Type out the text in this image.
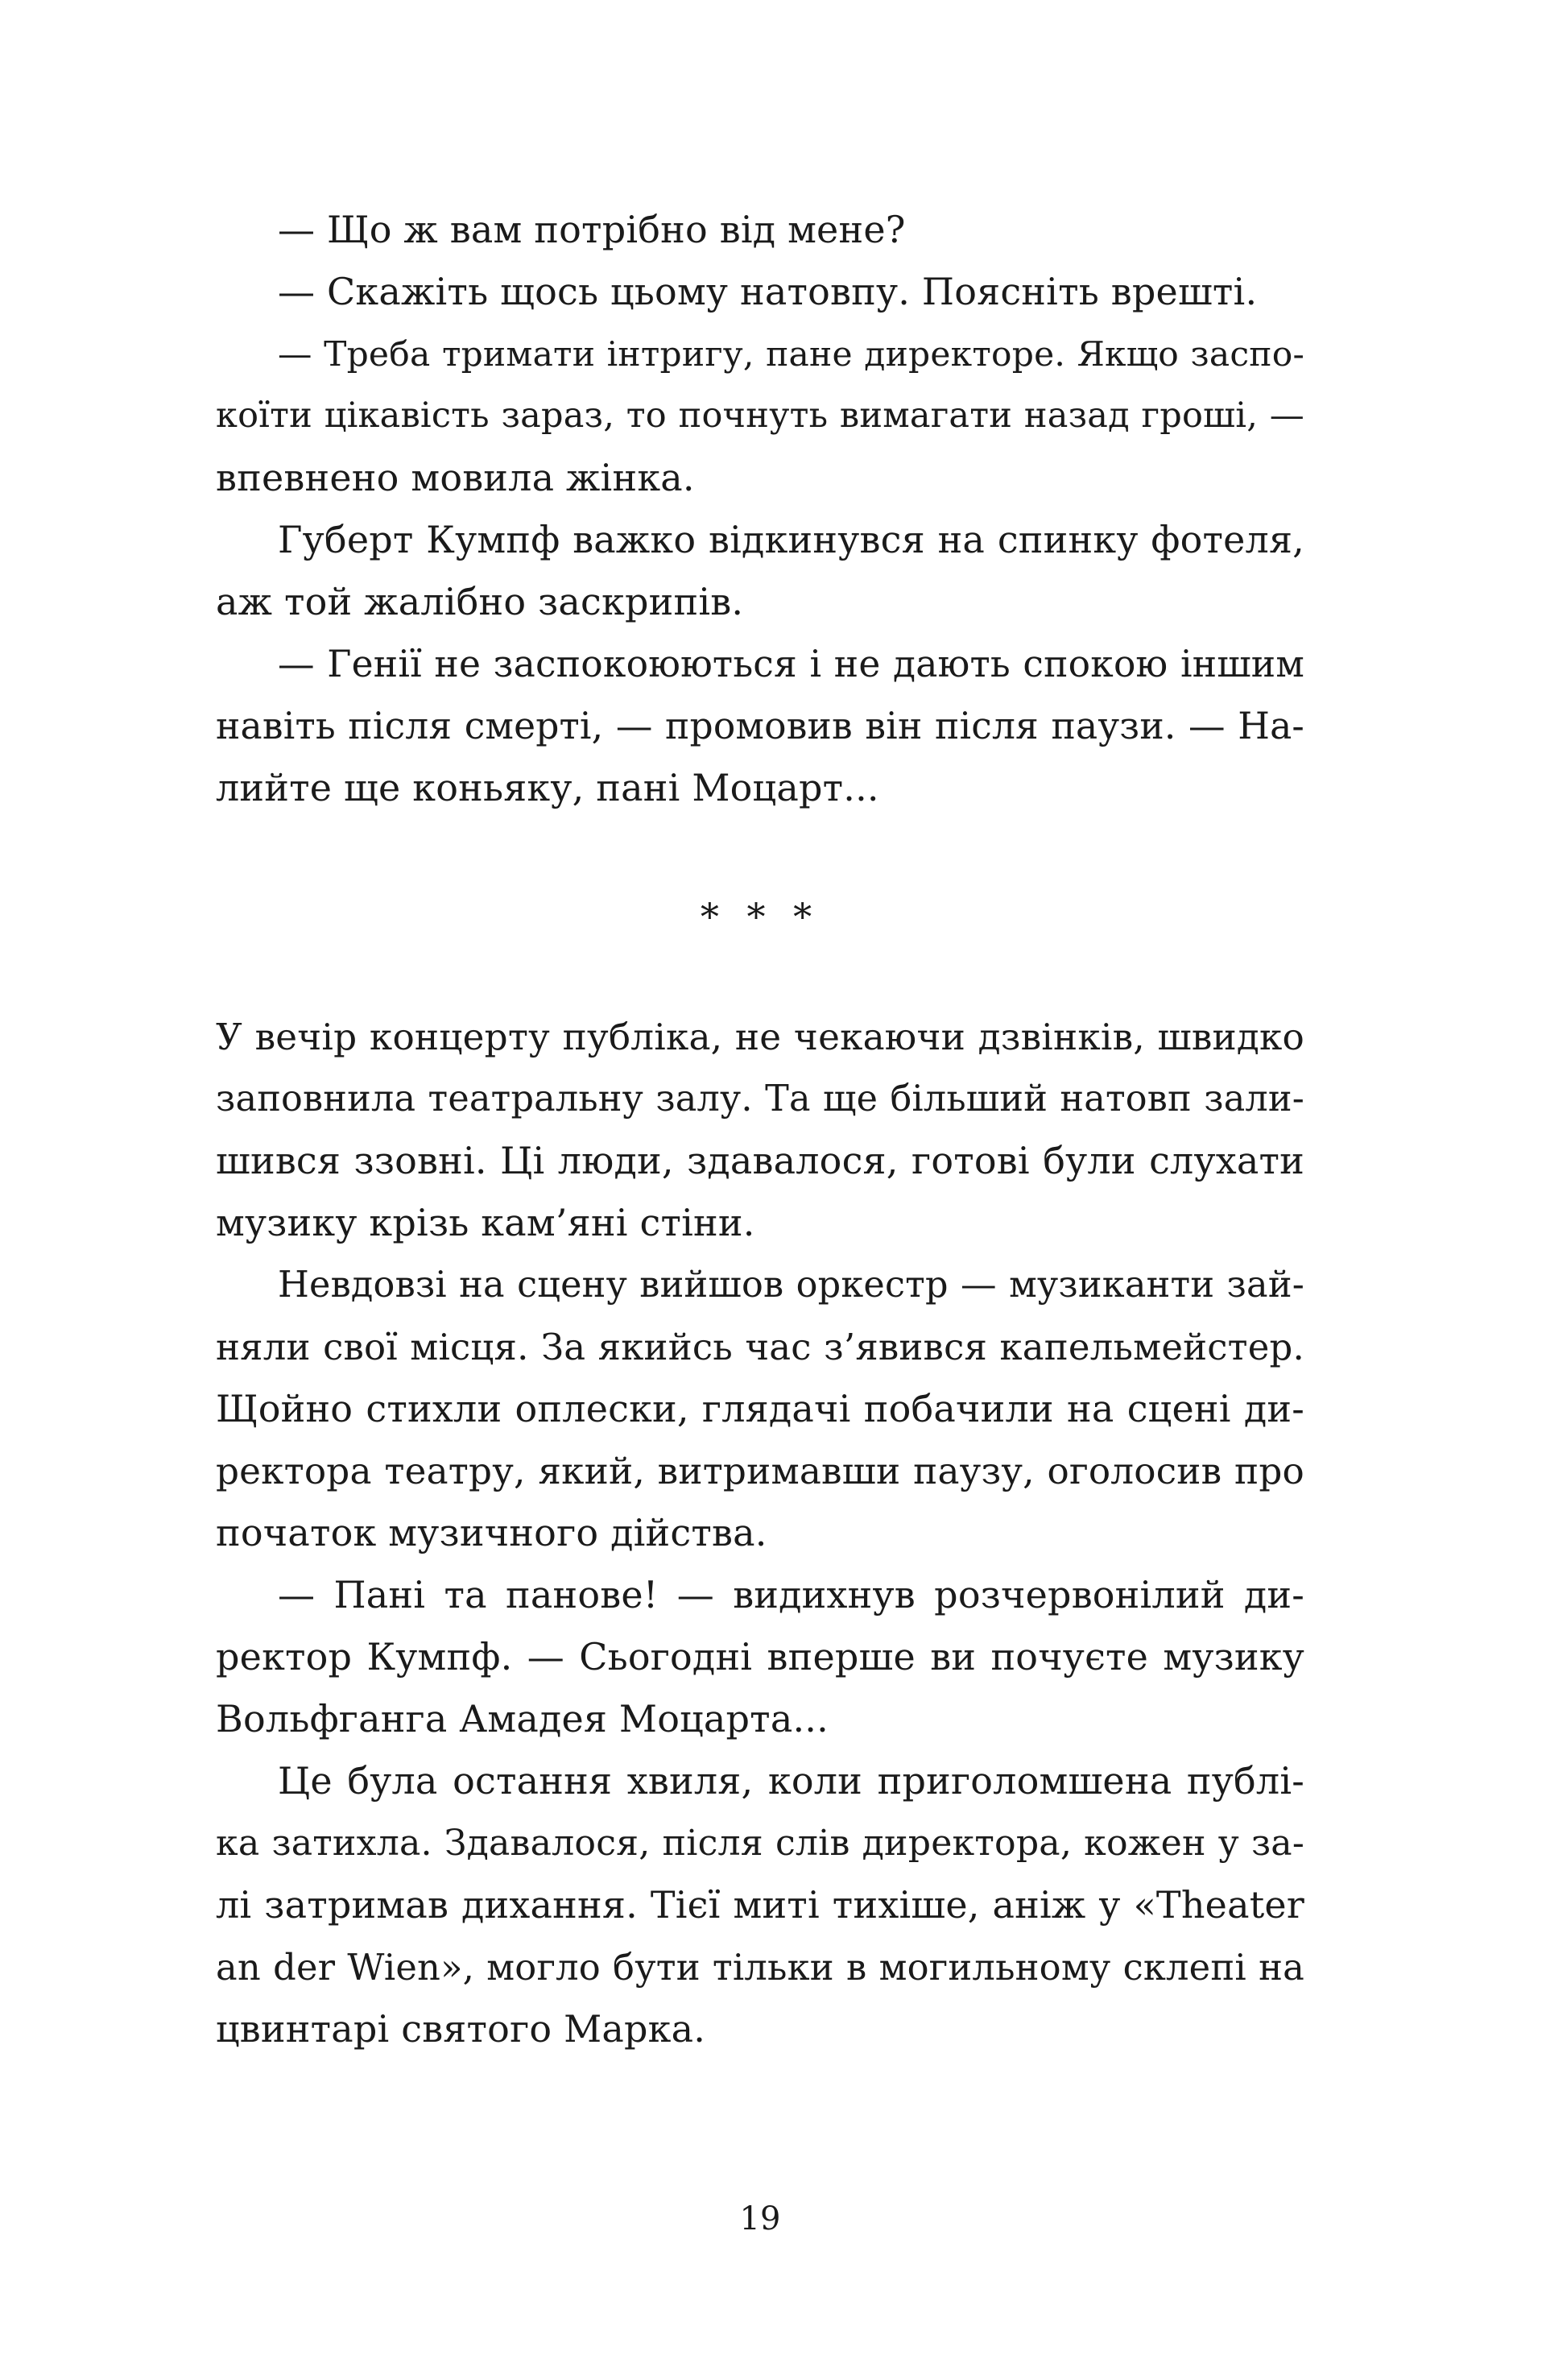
— Що ж вам потрібно від мене?
— Скажіть щось цьому натовпу. Поясніть врешті.
— Треба тримати інтригу, пане директоре. Якщо заспо-
коїти цікавість зараз, то почнуть вимагати назад гроші, —
впевнено мовила жінка.
Губерт Кумпф важко відкинувся на спинку фотеля,
аж той жалібно заскрипів.
— Генії не заспокоюються і не дають спокою іншим
навіть після смерті, — промовив він після паузи. — На-
лийте ще коньяку, пані Моцарт...
* * *
У вечір концерту публіка, не чекаючи дзвінків, швидко
заповнила театральну залу. Та ще більший натовп зали-
шився ззовні. Ці люди, здавалося, готові були слухати
музику крізь кам’яні стіни.
Невдовзі на сцену вийшов оркестр — музиканти зай-
няли свої місця. За якийсь час з’явився капельмейстер.
Щойно стихли оплески, глядачі побачили на сцені ди-
ректора театру, який, витримавши паузу, оголосив про
початок музичного дійства.
— Пані та панове! — видихнув розчервонілий ди-
ректор Кумпф. — Сьогодні вперше ви почуєте музику
Вольфганга Амадея Моцарта...
Це була остання хвиля, коли приголомшена публі-
ка затихла. Здавалося, після слів директора, кожен у за-
лі затримав дихання. Тієї миті тихіше, аніж у «Theater
an der Wien», могло бути тільки в могильному склепі на
цвинтарі святого Марка.
19
